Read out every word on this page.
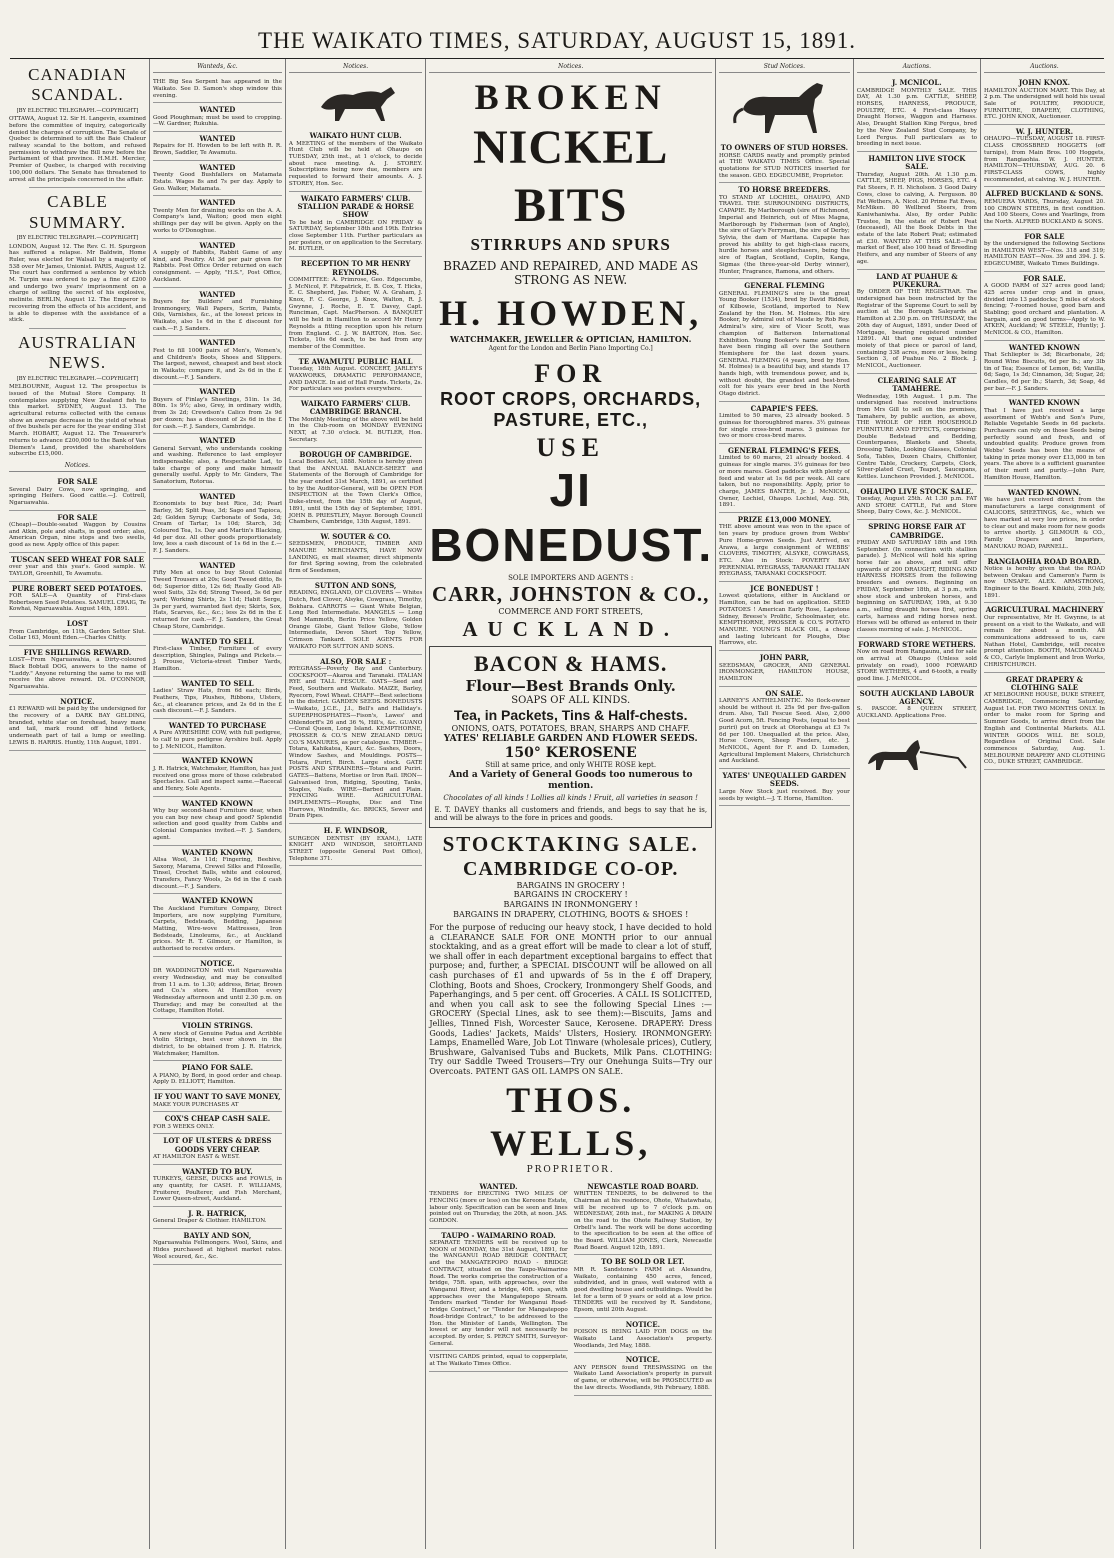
THE WAIKATO TIMES, SATURDAY, AUGUST 15, 1891.
CANADIAN SCANDAL.
[BY ELECTRIC TELEGRAPH.—COPYRIGHT]
OTTAWA, August 12. Sir H. Langevin, examined before the committee of inquiry, categorically denied the charges of corruption. The Senate of Quebec is determined to sift the Baie Chaleur railway scandal to the bottom, and refused permission to withdraw the Bill now before the Parliament of that province. H.M.H. Mercier, Premier of Quebec, is charged with receiving 100,000 dollars. The Senate has threatened to arrest all the principals concerned in the affair.
CABLE SUMMARY.
[BY ELECTRIC TELEGRAPH.—COPYRIGHT]
LONDON, August 12. The Rev. C. H. Spurgeon has suffered a relapse. Mr Baldwin, Home Ruler, was elected for Walsall by a majority of 538 over Mr James, Unionist. PARIS, August 12. The court has confirmed a sentence by which M. Turpin was ordered to pay a fine of £200 and undergo two years' imprisonment on a charge of selling the secret of his explosive, melinite. BERLIN, August 12. The Emperor is recovering from the effects of his accident, and is able to dispense with the assistance of a stick.
AUSTRALIAN NEWS.
[BY ELECTRIC TELEGRAPH.—COPYRIGHT]
MELBOURNE, August 12. The prospectus is issued of the Mutual Store Company. It contemplates supplying New Zealand fish to this market. SYDNEY, August 13. The agricultural returns collected with the census show an average decrease in the yield of wheat of five bushels per acre for the year ending 31st March. HOBART, August 12. The Treasurer's returns to advance £200,000 to the Bank of Van Diemen's Land, provided the shareholders subscribe £15,000.
Notices.
FOR SALE

Several Dairy Cows, now springing, and springing Heifers. Good cattle.—J. Cottrell, Ngaruawahia.

FOR SALE

(Cheap)—Double-seated Waggon by Cousins and Atkin, pole and shafts, in good order; also, American Organ, nine stops and two swells, good as new. Apply office of this paper.

TUSCAN SEED WHEAT FOR SALE

over year and this year's. Good sample. W. TAYLOR, Greenhill, Te Awamutu.

PURE ROBERT SEED POTATOES.

FOR SALE—A Quantity of First-class Robertsown Seed Potatoes. SAMUEL CRAIG, Te Kowhai, Ngaruawahia. August 14th, 1891.

LOST

From Cambridge, on 11th, Garden Setter Slut. Collar 163, Mount Eden.—Charles Chitty.

FIVE SHILLINGS REWARD.

LOST—From Ngaruawahia, a Dirty-coloured Black Bobtail DOG, answers to the name of "Luddy." Anyone returning the same to me will receive the above reward. DL O'CONNOR, Ngaruawahia.

NOTICE.

£1 REWARD will be paid by the undersigned for the recovery of a DARK BAY GELDING, branded, white star on forehead, heavy mane and tail, mark round off hind fetlock, underneath part of tail a lump or swelling. LEWIS B. HARRIS. Huntly, 11th August, 1891.

Wanteds, &c.

THE Big Sea Serpent has appeared in the Waikato. See D. Samon's shop window this evening.

WANTED

Good Ploughman; must be used to cropping.—W. Gardner, Rukuhia.

WANTED

Repairs for H. Howden to be left with R. R. Brown, Saddler, Te Awamutu.

WANTED

Twenty Good Bushfallers on Matamata Estate. Wages 8s and 7s per day. Apply to Geo. Walker, Matamata.

WANTED

Twenty Men for draining works on the A. A. Company's land, Waiton; good men eight shillings per day will be given. Apply on the works to O'Donoghue.

WANTED

A supply of Rabbits, Rabbit Game of any kind, and Poultry. At 3d per pair given for Rabbits. Post Office Order returned on each consignment. — Apply, "H.S.", Post Office, Auckland.

WANTED

Buyers for Builders' and Furnishing Ironmongery, Wall Papers, Scrim, Paints, Oils, Varnishes, &c., at the lowest prices in Waikato, also 1s 6d in the £ discount for cash.—F. J. Sanders.

WANTED

Fest to fill 1000 pairs of Men's, Women's, and Children's Boots, Shoes and Slippers. The largest, newest, cheapest and best stock in Waikato; compare it, and 2s 6d in the £ discount.—F. J. Sanders.

WANTED

Buyers of Finlay's Sheetings, 51in. 1s 3d, 80in. 1s 9½; also, Grey, in ordinary width, from 3s 2d; Crewdson's Calico from 2s 9d per dozen; has a discount of 2s 6d in the £ for cash.—F. J. Sanders, Cambridge.

WANTED

General Servant, who understands cooking and washing. Reference to last employer indispensable; also, a Respectable Lad, to take charge of pony and make himself generally useful. Apply to Mr. Ginders, The Sanatorium, Rotorua.

WANTED

Economists to buy best Rice, 3d; Pearl Barley, 3d; Split Peas, 3d; Sago and Tapioca, 2d; Golden Syrup; Carbonate of Soda, 3d; Cream of Tartar, 1s 10d; Starch, 3d; Coloured Tea, 1s. Day and Martin's Blacking, 4d per doz. All other goods proportionately low, less a cash discount of 1s 6d in the £.—F. J. Sanders.

WANTED

Fifty Men at once to buy Stout Colonial Tweed Trousers at 20s; Good Tweed ditto, 8s 6d; Superior ditto, 12s 6d; Really Good All-wool Suits, 32s 6d; Strong Tweed, 3s 6d per yard; Working Shirts, 2s 11d; Habit Serge, 3s per yard, warranted fast dye; Skirts, Sox, Hats, Scarves, &c., &c.; less 2s 6d in the £ returned for cash.—F. J. Sanders, the Great Cheap Store, Cambridge.

WANTED TO SELL

First-class Timber, Furniture of every description, Shingles, Palings and Pickets.—J. Prouse, Victoria-street Timber Yards, Hamilton.

WANTED TO SELL

Ladies' Straw Hats, from 6d each; Birds, Feathers, Tips, Plushes, Ribbons, Ulsters, &c., at clearance prices, and 2s 6d in the £ cash discount.—F. J. Sanders.

WANTED TO PURCHASE

A Pure AYRESHIRE COW, with full pedigree, to calf to pure pedigree Ayrshire bull. Apply to J. McNICOL, Hamilton.

WANTED KNOWN

J. R. Hatrick, Watchmaker, Hamilton, has just received one gross more of those celebrated Spectacles. Call and inspect same.—Racecal and Henry, Sole Agents.

WANTED KNOWN

Why buy second-hand Furniture dear, when you can buy new cheap and good? Splendid selection and good quality from Cabbs and Colonial Companies invited.—F. J. Sanders, agent.

WANTED KNOWN

Allsa Wool, 3s 11d; Fingering, Beehive, Saxony, Marama, Crewel Silks and Filoselle, Tinsel, Crochet Balls, white and coloured, Transfers, Fancy Wools, 2s 6d in the £ cash discount.—F. J. Sanders.

WANTED KNOWN

The Auckland Furniture Company, Direct Importers, are now supplying Furniture, Carpets, Bedsteads, Bedding, Japanese Matting, Wire-wove Mattresses, Iron Bedsteads, Linoleums, &c., at Auckland prices. Mr R. T. Gilmour, or Hamilton, is authorised to receive orders.

NOTICE.

DR WADDINGTON will visit Ngaruawahia every Wednesday, and may be consulted from 11 a.m. to 1.30; address, Briar, Brown and Co.'s store. At Hamilton every Wednesday afternoon and until 2.30 p.m. on Thursday; and may be consulted at the Cottage, Hamilton Hotel.

VIOLIN STRINGS.

A new stock of Genuine Padua and Acribble Violin Strings, best ever shown in the district, to be obtained from J. R. Hatrick, Watchmaker, Hamilton.

PIANO FOR SALE.

A PIANO, by Bord, in good order and cheap. Apply D. ELLIOTT, Hamilton.

IF YOU WANT TO SAVE MONEY,

MAKE YOUR PURCHASES AT

COX'S CHEAP CASH SALE.

FOR 3 WEEKS ONLY.

LOT OF ULSTERS & DRESS GOODS VERY CHEAP.

AT HAMILTON EAST & WEST.

WANTED TO BUY.

TURKEYS, GEESE, DUCKS and FOWLS, in any quantity, for CASH. F. WILLIAMS, Fruiterer, Poulterer, and Fish Merchant, Lower Queen-street, Auckland.

J. R. HATRICK,

General Draper & Clothier. HAMILTON.

BAYLY AND SON,

Ngaruawahia Fellmongers. Wool, Skins, and Hides purchased at highest market rates. Wool scoured, &c., &c.

Notices.
WAIKATO HUNT CLUB.

A MEETING of the members of the Waikato Hunt Club will be held at Ohaupo on TUESDAY, 25th inst., at 1 o'clock, to decide about race meeting. A. J. STOREY. Subscriptions being now due, members are requested to forward their amounts. A. J. STOREY, Hon. Sec.

WAIKATO FARMERS' CLUB. STALLION PARADE & HORSE SHOW

To be held in CAMBRIDGE ON FRIDAY & SATURDAY, September 18th and 19th. Entries close September 11th. Further particulars as per posters, or on application to the Secretary. M. BUTLER.

RECEPTION TO MR HENRY REYNOLDS.

COMMITTEE: A. Primrose, Geo. Edgecumbe, J. McNicol, F. Fitzpatrick, E. B. Cox, T. Hicks, E. C. Shepherd, Jas. Fisher, W. A. Graham, J. Knox, F. C. George, J. Knox, Walton, R. J. Gwynne, J. Roche, E. T. Davey, Capt. Runciman, Capt. MacPherson. A BANQUET will be held in Hamilton to accord Mr Henry Reynolds a fitting reception upon his return from England. C. J. W. BARTON, Hon. Sec. Tickets, 10s 6d each, to be had from any member of the Committee.

TE AWAMUTU PUBLIC HALL

Tuesday, 18th August. CONCERT, JARLEY'S WAXWORKS, DRAMATIC PERFORMANCE, AND DANCE. In aid of Hall Funds. Tickets, 2s. For particulars see posters everywhere.

WAIKATO FARMERS' CLUB. CAMBRIDGE BRANCH.

The Monthly Meeting of the above will be held in the Club-room on MONDAY EVENING NEXT, at 7.30 o'clock. M. BUTLER, Hon. Secretary.

BOROUGH OF CAMBRIDGE.

Local Bodies Act, 1888. Notice is hereby given that the ANNUAL BALANCE-SHEET and Statements of the Borough of Cambridge for the year ended 31st March, 1891, as certified to by the Auditor-General, will be OPEN FOR INSPECTION at the Town Clerk's Office, Duke-street, from the 15th day of August, 1891, until the 15th day of September, 1891. JOHN B. PRIESTLEY, Mayor. Borough Council Chambers, Cambridge, 13th August, 1891.

W. SOUTER & CO.

SEEDSMEN, PRODUCE, TIMBER AND MANURE MERCHANTS, HAVE NOW LANDING, ex mail steamer, direct shipments for first Spring sowing, from the celebrated firm of Seedsmen,

SUTTON AND SONS,

READING, ENGLAND, OF CLOVERS — Whites Dutch, Red Clover, Alsyke, Cowgrass, Timothy, Bokhara. CARROTS — Giant White Belgian, Long Red Intermediate. MANGELS — Long Red Mammoth, Berlin Price Yellow, Golden Orange Globe, Giant Yellow Globe, Yellow Intermediate, Devon Short Top Yellow, Crimson Tankard. SOLE AGENTS FOR WAIKATO FOR SUTTON AND SONS.

ALSO, FOR SALE :

RYEGRASS—Poverty Bay and Canterbury. COCKSFOOT—Akaroa and Taranaki. ITALIAN RYE and TALL FESCUE. OATS—Seed and Feed, Southern and Waikato. MAIZE, Barley, Ryecorn, Fowl Wheat. CHAFF—Best selections in the district. GARDEN SEEDS. BONEDUSTS—Waikato, J.C.E., J.I., Bell's and Halliday's. SUPERPHOSPHATES—Fison's, Lawes' and Ohlendorff's 26 and 36 %, Hill's, &c. GUANO—Coral Queen, Long Island. KEMPTHORNE, PROSSER & CO.'S NEW ZEALAND DRUG CO.'S MANURES, as per catalogue. TIMBER—Totara, Kahikatea, Kauri, &c. Sashes, Doors, Window Sashes, and Mouldings. POSTS—Totara, Puriri, Birch. Large stock. GATE POSTS AND STRAINERS—Totara and Puriri. GATES—Battens, Mortise or Iron Rail. IRON—Galvanised Iron, Ridging, Spouting, Tanks, Staples, Nails. WIRE—Barbed and Plain. FENCING WIRE. AGRICULTURAL IMPLEMENTS—Ploughs, Disc and Tine Harrows, Windmills, &c. BRICKS, Sewer and Drain Pipes.

H. F. WINDSOR,

SURGEON DENTIST (BY EXAM.), LATE KNIGHT AND WINDSOR, SHORTLAND STREET (opposite General Post Office), Telephone 371.

Notices.
BROKEN
NICKEL BITS
STIRRUPS AND SPURS
BRAZED AND REPAIRED, AND MADE AS STRONG AS NEW.
H. HOWDEN,
WATCHMAKER, JEWELLER & OPTICIAN, HAMILTON.
Agent for the London and Berlin Piano Importing Co.]
FOR
ROOT CROPS, ORCHARDS, PASTURE, ETC.,
USE
JI BONEDUST.
SOLE IMPORTERS AND AGENTS :
CARR, JOHNSTON & CO.,
COMMERCE AND FORT STREETS,
AUCKLAND.
BACON & HAMS.
Flour—Best Brands Only.
SOAPS OF ALL KINDS.
Tea, in Packets, Tins & Half-chests.
ONIONS, OATS, POTATOES, BRAN, SHARPS AND CHAFF.
YATES' RELIABLE GARDEN AND FLOWER SEEDS.
150° KEROSENE
Still at same price, and only WHITE ROSE kept.
And a Variety of General Goods too numerous to mention.
Chocolates of all kinds ! Lollies all kinds ! Fruit, all varieties in season !
E. T. DAVEY thanks all customers and friends, and begs to say that he is, and will be always to the fore in prices and goods.
STOCKTAKING SALE.
CAMBRIDGE CO-OP.
BARGAINS IN GROCERY !
BARGAINS IN CROCKERY !
BARGAINS IN IRONMONGERY !
BARGAINS IN DRAPERY, CLOTHING, BOOTS & SHOES !
For the purpose of reducing our heavy stock, I have decided to hold a CLEARANCE SALE FOR ONE MONTH prior to our annual stocktaking, and as a great effort will be made to clear a lot of stuff, we shall offer in each department exceptional bargains to effect that purpose; and, further, a SPECIAL DISCOUNT will be allowed on all cash purchases of £1 and upwards of 5s in the £ off Drapery, Clothing, Boots and Shoes, Crockery, Ironmongery Shelf Goods, and Paperhangings, and 5 per cent. off Groceries. A CALL IS SOLICITED, and when you call ask to see the following Special Lines :— GROCERY (Special Lines, ask to see them):—Biscuits, Jams and Jellies, Tinned Fish, Worcester Sauce, Kerosene. DRAPERY: Dress Goods, Ladies' Jackets, Maids' Ulsters, Hosiery. IRONMONGERY: Lamps, Enamelled Ware, Job Lot Tinware (wholesale prices), Cutlery, Brushware, Galvanised Tubs and Buckets, Milk Pans. CLOTHING: Try our Saddle Tweed Trousers—Try our Onehunga Suits—Try our Overcoats. PATENT GAS OIL LAMPS ON SALE.
THOS. WELLS,
PROPRIETOR.
WANTED.

TENDERS for ERECTING TWO MILES OF FENCING (more or less) on the Kereone Estate, labour only. Specification can be seen and lines pointed out on Thursday, the 20th, at noon. JAS. GORDON.

TAUPO - WAIMARINO ROAD.

SEPARATE TENDERS will be received up to NOON of MONDAY, the 31st August, 1891, for the WANGANUI ROAD BRIDGE CONTRACT, and the MANGATEPOPO ROAD - BRIDGE CONTRACT, situated on the Taupo-Waimarino Road. The works comprise the construction of a bridge, 75ft. span, with approaches, over the Wanganui River, and a bridge, 40ft. span, with approaches over the Mangatepopo Stream. Tenders marked "Tender for Wanganui Road-bridge Contract," or "Tender for Mangatepopo Road-bridge Contract," to be addressed to the Hon. the Minister of Lands, Wellington. The lowest or any tender will not necessarily be accepted. By order, S. PERCY SMITH, Surveyor-General.

VISITING CARDS printed, equal to copperplate, at The Waikato Times Office.

NEWCASTLE ROAD BOARD.

WRITTEN TENDERS, to be delivered to the Chairman at his residence, Ohote, Whatawhata, will be received up to 7 o'clock p.m. on WEDNESDAY, 26th inst., for MAKING A DRAIN on the road to the Ohote Railway Station, by Orbell's land. The work will be done according to the specification to be seen at the office of the Board. WILLIAM JONES, Clerk, Newcastle Road Board. August 12th, 1891.

TO BE SOLD OR LET.

MR R. Sandstone's FARM at Alexandra, Waikato, containing 450 acres, fenced, subdivided, and in grass, well watered with a good dwelling house and outbuildings. Would be let for a term of 9 years or sold at a low price. TENDERS will be received by R. Sandstone, Epsom, until 20th August.

NOTICE.

POISON IS BEING LAID FOR DOGS on the Waikato Land Association's property. Woodlands, 3rd May, 1888.

NOTICE.

ANY PERSON found TRESPASSING on the Waikato Land Association's property in pursuit of game, or otherwise, will be PROSECUTED as the law directs. Woodlands, 9th February, 1888.

Stud Notices.
TO OWNERS OF STUD HORSES.

HORSE CARDS neatly and promptly printed at THE WAIKATO TIMES Office. Special quotations for STUD NOTICES inserted for the season. GEO. EDGECUMBE, Proprietor.

TO HORSE BREEDERS.

TO STAND AT LOCHIEL, OHAUPO, AND TRAVEL THE SURROUNDING DISTRICTS, CAPAPIE. By Marlborough (sire of Richmond, Imperial and Heinrich, out of Miss Magna, Marlborough by Fisherman (son of Anglo), the sire of Gay's Ferryman, the sire of Derby; Sylvia, the dam of Maritana. Capapie has proved his ability to get high-class racers, hurdle horses and steeplechasers, being the sire of Raglan, Scotland, Coplin, Kanga, Sigmas (the three-year-old Derby winner), Hunter, Fragrance, Ramona, and others.

GENERAL FLEMING

GENERAL FLEMING'S sire is the great Young Booker (1534), bred by David Riddell, of Kilbowie, Scotland, imported to New Zealand by the Hon. M. Holmes. His sire Booker, by Admiral out of Maude by Rob Roy. Admiral's sire, sire of Vicer Scott, was champion of Batterson International Exhibition. Young Booker's name and fame have been ringing all over the Southern Hemisphere for the last dozen years. GENERAL FLEMING (4 years, bred by Hon. M. Holmes) is a beautiful bay, and stands 17 hands high, with tremendous power, and is, without doubt, the grandest and best-bred colt for his years ever bred in the North Otago district.

CAPAPIE'S FEES.

Limited to 50 mares, 23 already booked. 5 guineas for thoroughbred mares. 3½ guineas for single cross-bred mares. 3 guineas for two or more cross-bred mares.

GENERAL FLEMING'S FEES.

Limited to 60 mares, 21 already booked. 4 guineas for single mares. 3½ guineas for two or more mares. Good paddocks with plenty of feed and water at 1s 6d per week. All care taken, but no responsibility. Apply, prior to charge, JAMES BANTER, Jr. J. McNICOL, Owner, Lochiel, Ohaupo. Lochiel, Aug. 5th, 1891.

PRIZE £13,000 MONEY.

THE above amount was won in the space of ten years by produce grown from Webbs' Pure Home-grown Seeds. Just Arrived, ex Arawa, a large consignment of WEBBS' CLOVERS, TIMOTHY, ALSYKE, COWGRASS, ETC. Also in Stock: POVERTY BAY PERENNIAL RYEGRASS, TARANAKI ITALIAN RYEGRASS, TARANAKI COCKSFOOT.

JCE BONEDUST !

Lowest quotations, either in Auckland or Hamilton, can be had on application. SEED POTATOES ! American Early Rose, Lapstone Sidney, Breese's Prolific, Schoolmaster, etc. KEMPTHORNE, PROSSER & CO.'S POTATO MANURE. YOUNG'S BLACK OIL, a cheap and lasting lubricant for Ploughs, Disc Harrows, etc.

JOHN PARR,

SEEDSMAN, GROCER, AND GENERAL IRONMONGER, HAMILTON HOUSE, HAMILTON

ON SALE.

LARNEY'S ANTHELMINTIC. No flock-owner should be without it. 25s 9d per five-gallon drum. Also, Tall Fescue Seed. Also, 2,000 Good Acorn, 5ft. Fencing Posts, (equal to best puriri) put on truck at Otorohanga at £3 7s 6d per 100. Unequalled at the price. Also, Horse Covers, Sheep Feeders, etc. J. McNICOL, Agent for F. and D. Lumsden, Agricultural Implement Makers, Christchurch and Auckland.

YATES' UNEQUALLED GARDEN SEEDS.

Large New Stock just received. Buy your seeds by weight.—J. T. Horne, Hamilton.

Auctions.
J. MCNICOL.

CAMBRIDGE MONTHLY SALE. THIS DAY, At 1.30 p.m. CATTLE, SHEEP, HORSES, HARNESS, PRODUCE, POULTRY, ETC. 4 First-class Heavy Draught Horses, Waggon and Harness. Also, Draught Stallion King Fergus, bred by the New Zealand Stud Company, by Lord Fergus. Full particulars as to breeding in next issue.

HAMILTON LIVE STOCK SALE.

Thursday, August 20th. At 1.30 p.m. CATTLE, SHEEP, PIGS, HORSES, ETC. 4 Fat Steers, F. H. Nicholson. 3 Good Dairy Cows, close to calving, A. Ferguson. 80 Fat Wethers, A. Nicol. 20 Prime Fat Ewes, McMiken. 80 Wellbred Steers, from Kaniwhaniwha. Also, By order Public Trustee, In the estate of Robert Peat (deceased), All the Book Debts in the estate of the late Robert Peat; estimated at £30. WANTED AT THIS SALE—Full market of Beef, also 100 head of Breeding Heifers, and any number of Steers of any age.

LAND AT PUAHUE & PUKEKURA.

By ORDER OF THE REGISTRAR. The undersigned has been instructed by the Registrar of the Supreme Court to sell by auction at the Borough Saleyards at Hamilton at 2.30 p.m. on THURSDAY, the 20th day of August, 1891, under Deed of Mortgage, bearing registered number 12891. All that one equal undivided moiety of that piece or parcel of land, containing 338 acres, more or less, being Section 3, of Puahue No. 2 Block. J. McNICOL, Auctioneer.

CLEARING SALE AT TAMAHERE.

Wednesday, 19th August. 1 p.m. The undersigned has received instructions from Mrs Gill to sell on the premises, Tamahere, by public auction, as above, THE WHOLE OF HER HOUSEHOLD FURNITURE AND EFFECTS, comprising: Double Bedstead and Bedding, Counterpanes, Blankets and Sheets, Dressing Table, Looking Glasses, Colonial Sofa, Tables, Dozen Chairs, Chiffonier, Centre Table, Crockery, Carpets, Clock, Silver-plated Cruet, Teapot, Saucepans, Kettles. Luncheon Provided. J. McNICOL.

OHAUPO LIVE STOCK SALE.

Tuesday, August 25th. At 1.30 p.m. FAT AND STORE CATTLE, Fat and Store Sheep, Dairy Cows, &c. J. McNICOL.

SPRING HORSE FAIR AT CAMBRIDGE.

FRIDAY AND SATURDAY 18th and 19th September. (In connection with stallion parade). J. McNicol will hold his spring horse fair as above, and will offer upwards of 200 DRAUGHT, RIDING AND HARNESS HORSES from the following breeders and owners. Beginning on FRIDAY, September 18th, at 3 p.m., with show stock and unbroken horses, and beginning on SATURDAY, 19th, at 9.30 a.m., selling draught horses first, spring carts, harness and riding horses next. Horses will be offered as entered in their classes morning of sale. J. McNICOL.

FORWARD STORE WETHERS.

Now on road from Rangaunu, and for sale on arrival at Ohaupo (Unless sold privately on road), 1000 FORWARD STORE WETHERS, 4 and 6-tooth, a really good line. J. McNICOL.

SOUTH AUCKLAND LABOUR AGENCY.

S. PASCOE. 8 QUEEN STREET, AUCKLAND. Applications Free.

Auctions.
JOHN KNOX.

HAMILTON AUCTION MART. This Day, at 2 p.m. The undersigned will hold his usual Sale of POULTRY, PRODUCE, FURNITURE, DRAPERY, CLOTHING, ETC. JOHN KNOX, Auctioneer.

W. J. HUNTER.

OHAUPO—TUESDAY, AUGUST 18. FIRST-CLASS CROSSBRED HOGGETS (off turnips), from Main Bros. 100 Hoggets, from Rangiaohia. W. J. HUNTER. HAMILTON—THURSDAY, AUG. 20. 6 FIRST-CLASS COWS, highly recommended, at calving. W. J. HUNTER.

ALFRED BUCKLAND & SONS.

REMUERA YARDS, Thursday, August 20. 100 CROWN STEERS, in first condition. And 100 Steers, Cows and Yearlings, from the North. ALFRED BUCKLAND & SONS.

FOR SALE

by the undersigned the following Sections in HAMILTON WEST—Nos. 318 and 319; HAMILTON EAST—Nos. 39 and 394. J. S. EDGECUMBE, Waikato Times Buildings.

FOR SALE.

A GOOD FARM of 327 acres good land; 425 acres under crop and in grass, divided into 13 paddocks; 5 miles of stock fencing; 7-roomed house, good barn and Stabling; good orchard and plantation. A bargain, and on good terms—Apply to W. ATKEN, Auckland; W. STEELE, Huntly; J. McNICOL & CO., Hamilton.

WANTED KNOWN

That Schliepter is 3d; Bicarbonate, 2d; Round Wine Biscuits, 6d per lb.; any 3lb tin of Tea; Essence of Lemon, 6d; Vanilla, 6d; Sago, 1s 3d; Cinnamon, 3d; Sugar, 2d; Candles, 6d per lb.; Starch, 3d; Soap, 4d per bar.—F. J. Sanders.

WANTED KNOWN

That I have just received a large assortment of Webb's and Son's Pure, Reliable Vegetable Seeds in 6d packets. Purchasers can rely on those Seeds being perfectly sound and fresh, and of undoubted quality. Produce grown from Webbs' Seeds has been the means of taking in prize money over £13,000 in ten years. The above is a sufficient guarantee of their merit and purity.—John Parr, Hamilton House, Hamilton.

WANTED KNOWN.

We have just received direct from the manufacturers a large consignment of CALICOES, SHEETINGS, &c., which we have marked at very low prices, in order to clear out and make room for new goods to arrive shortly. J. GILMOUR & CO., Family Drapers and Importers, MANUKAU ROAD, PARNELL.

RANGIAOHIA ROAD BOARD.

Notice is hereby given that the ROAD between Orakau and Cameron's Farm is now UNSAFE. ALEX. ARMSTRONG, Engineer to the Board. Kihikihi, 20th July, 1891.

AGRICULTURAL MACHINERY

Our representative, Mr H. Gwynne, is at present on a visit to the Waikato, and will remain for about a month. All communications addressed to us, care Nathan Hotel, Cambridge, will receive prompt attention. BOOTH, MACDONALD & CO., Carlyle Implement and Iron Works, CHRISTCHURCH.

GREAT DRAPERY & CLOTHING SALE

AT MELBOURNE HOUSE, DUKE STREET, CAMBRIDGE, Commencing Saturday, August 1st. FOR TWO MONTHS ONLY. In order to make room for Spring and Summer Goods, to arrive direct from the English and Continental Markets. ALL WINTER GOODS WILL BE SOLD, Regardless of Original Cost. Sale commences Saturday, Aug. 1. MELBOURNE DRAPERY AND CLOTHING CO., DUKE STREET, CAMBRIDGE.
